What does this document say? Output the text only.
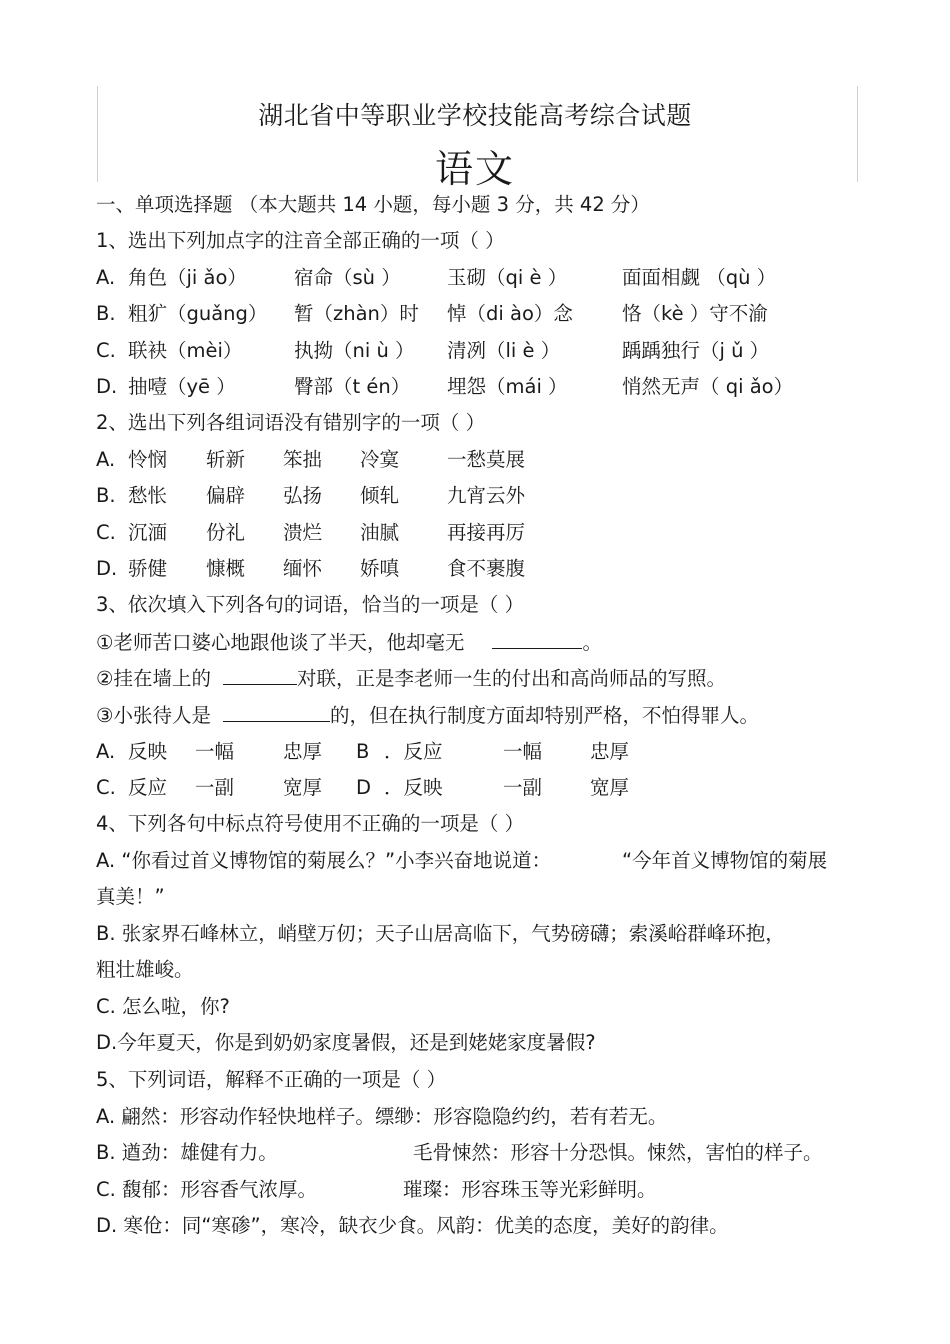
湖北省中等职业学校技能高考综合试题
语文
一、单项选择题 （本大题共 14 小题，每小题 3 分，共 42 分）
1、选出下列加点字的注音全部正确的一项（ ）
A. 角色（ji ǎo） 宿命（sù ） 玉砌（qi è ）	面面相觑 （qù ）
B. 粗犷（guǎng） 暂（zhàn）时 悼（di ào）念	恪（kè ）守不渝
C. 联袂（mèi）	执拗（ni ù ） 清冽（li è ）	踽踽独行（j ǔ ）
D. 抽噎（yē ）	臀部（t én） 埋怨（mái ）	悄然无声（ qi ǎo）
2、选出下列各组词语没有错别字的一项（ ）
A. 怜悯 斩新 笨拙 冷寞 一愁莫展
B. 愁怅 偏辟 弘扬 倾轧 九宵云外
C. 沉湎 份礼 溃烂 油腻 再接再厉
D. 骄健 慷概 缅怀 娇嗔 食不裹腹
3、依次填入下列各句的词语，恰当的一项是（ ）
①老师苦口婆心地跟他谈了半天，他却毫无	。
②挂在墙上的	对联，正是李老师一生的付出和高尚师品的写照。
③小张待人是	的，但在执行制度方面却特别严格，不怕得罪人。
A. 反映 一幅	忠厚 B ．反应	一幅 忠厚
C. 反应 一副	宽厚 D ．反映	一副 宽厚
4、下列各句中标点符号使用不正确的一项是（ ）
A. “你看过首义博物馆的菊展么？”小李兴奋地说道：	“今年首义博物馆的菊展
真美！”
B. 张家界石峰林立，峭壁万仞；天子山居高临下，气势磅礴；索溪峪群峰环抱，
粗壮雄峻。
C. 怎么啦，你?
D.今年夏天，你是到奶奶家度暑假，还是到姥姥家度暑假?
5、下列词语，解释不正确的一项是（ ）
A. 翩然：形容动作轻快地样子。缥缈：形容隐隐约约，若有若无。
B. 遒劲：雄健有力。	毛骨悚然：形容十分恐惧。悚然，害怕的样子。
C. 馥郁：形容香气浓厚。	璀璨：形容珠玉等光彩鲜明。
D. 寒伧：同“寒碜”，寒冷，缺衣少食。风韵：优美的态度，美好的韵律。
